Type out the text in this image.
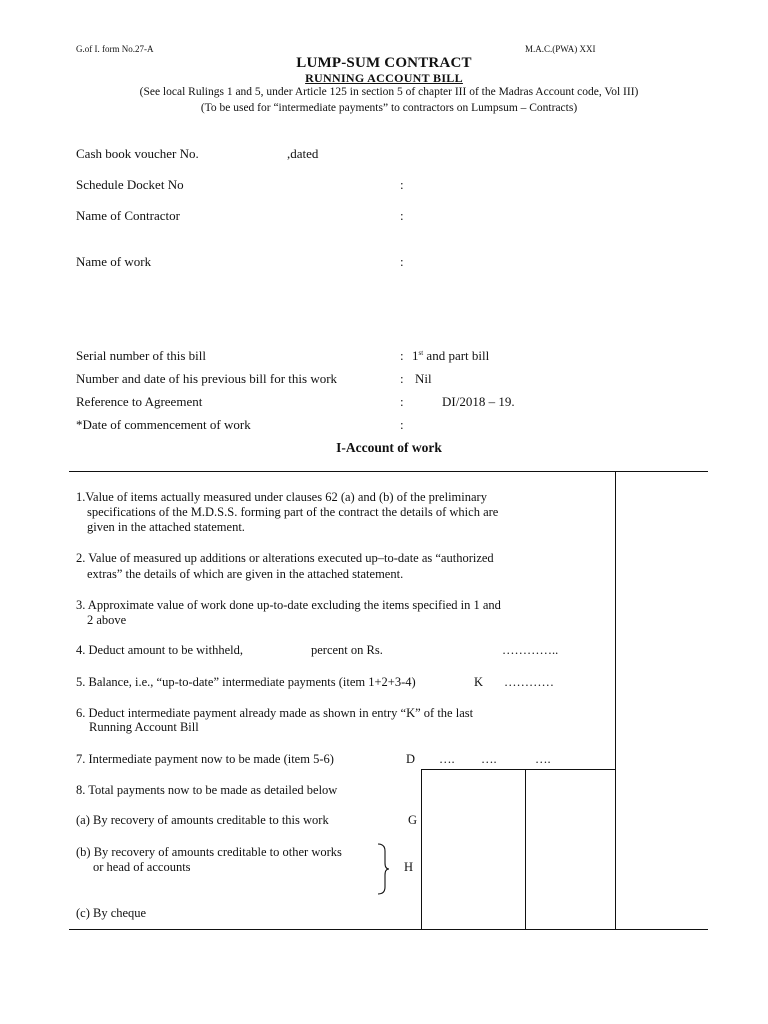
G.of I. form No.27-A	M.A.C.(PWA) XXI
LUMP-SUM CONTRACT
RUNNING ACCOUNT BILL
(See local Rulings 1 and 5, under Article 125 in section 5 of chapter III of the Madras Account code, Vol III)
(To be used for “intermediate payments” to contractors on Lumpsum – Contracts)
Cash book voucher No.	,dated
Schedule Docket No	:
Name of Contractor	:
Name of work	:
Serial number of this bill	: 1st and part bill
Number and date of his previous bill for this work	: Nil
Reference to Agreement	:	DI/2018 – 19.
*Date of commencement of work	:
I-Account of work
1.Value of items actually measured under clauses 62 (a) and (b) of the preliminary
specifications of the M.D.S.S. forming part of the contract the details of which are
given in the attached statement.
2. Value of measured up additions or alterations executed up–to-date as “authorized
extras” the details of which are given in the attached statement.
3. Approximate value of work done up-to-date excluding the items specified in 1 and
2 above
4. Deduct amount to be withheld,	percent on Rs.	…………..
5. Balance, i.e., “up-to-date” intermediate payments (item 1+2+3-4)	K …………
6. Deduct intermediate payment already made as shown in entry “K” of the last
Running Account Bill
7. Intermediate payment now to be made (item 5-6)	D …. ….	….
8. Total payments now to be made as detailed below
(a) By recovery of amounts creditable to this work	G
(b) By recovery of amounts creditable to other works
or head of accounts	H
(c) By cheque
